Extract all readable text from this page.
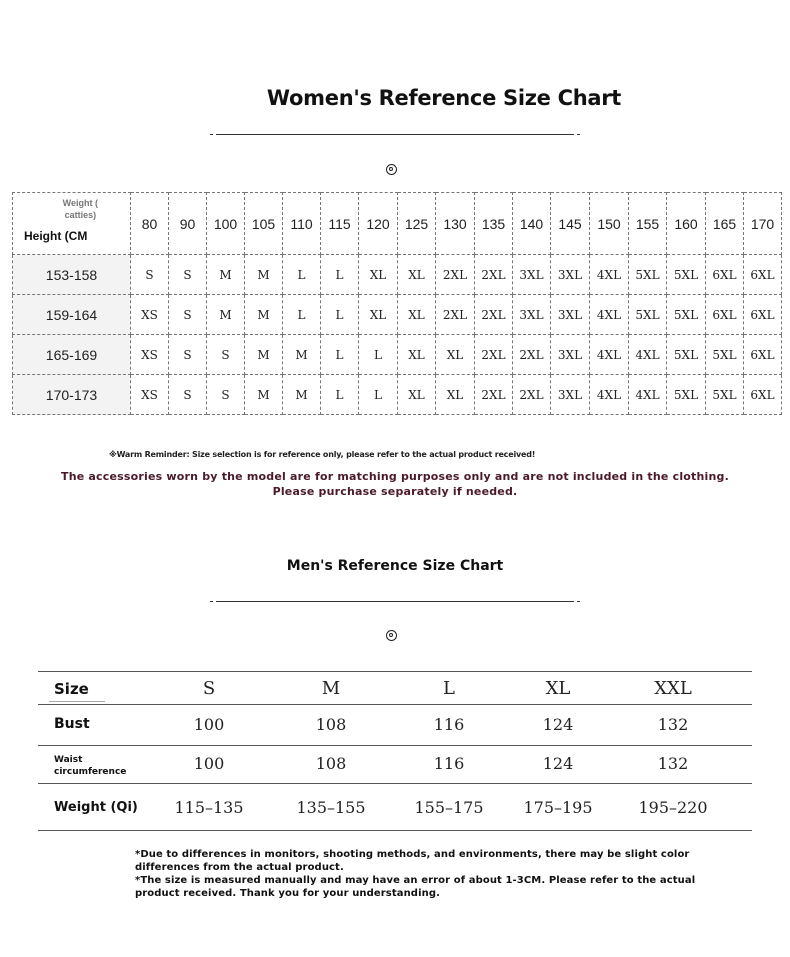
Women's Reference Size Chart
Weight (
catties)
Height (CM	80	90	100	105	110	115	120	125	130	135	140	145	150	155	160	165	170
153-158	S	S	M	M	L	L	XL	XL	2XL	2XL	3XL	3XL	4XL	5XL	5XL	6XL	6XL
159-164	XS	S	M	M	L	L	XL	XL	2XL	2XL	3XL	3XL	4XL	5XL	5XL	6XL	6XL
165-169	XS	S	S	M	M	L	L	XL	XL	2XL	2XL	3XL	4XL	4XL	5XL	5XL	6XL
170-173	XS	S	S	M	M	L	L	XL	XL	2XL	2XL	3XL	4XL	4XL	5XL	5XL	6XL
※Warm Reminder: Size selection is for reference only, please refer to the actual product received!
The accessories worn by the model are for matching purposes only and are not included in the clothing.
Please purchase separately if needed.
Men's Reference Size Chart
Size	S	M	L	XL	XXL
Bust	100	108	116	124	132
Waist
circumference	100	108	116	124	132
Weight (Qi)	115–135	135–155	155–175	175–195	195–220
*Due to differences in monitors, shooting methods, and environments, there may be slight color differences from the actual product.
*The size is measured manually and may have an error of about 1-3CM. Please refer to the actual product received. Thank you for your understanding.
